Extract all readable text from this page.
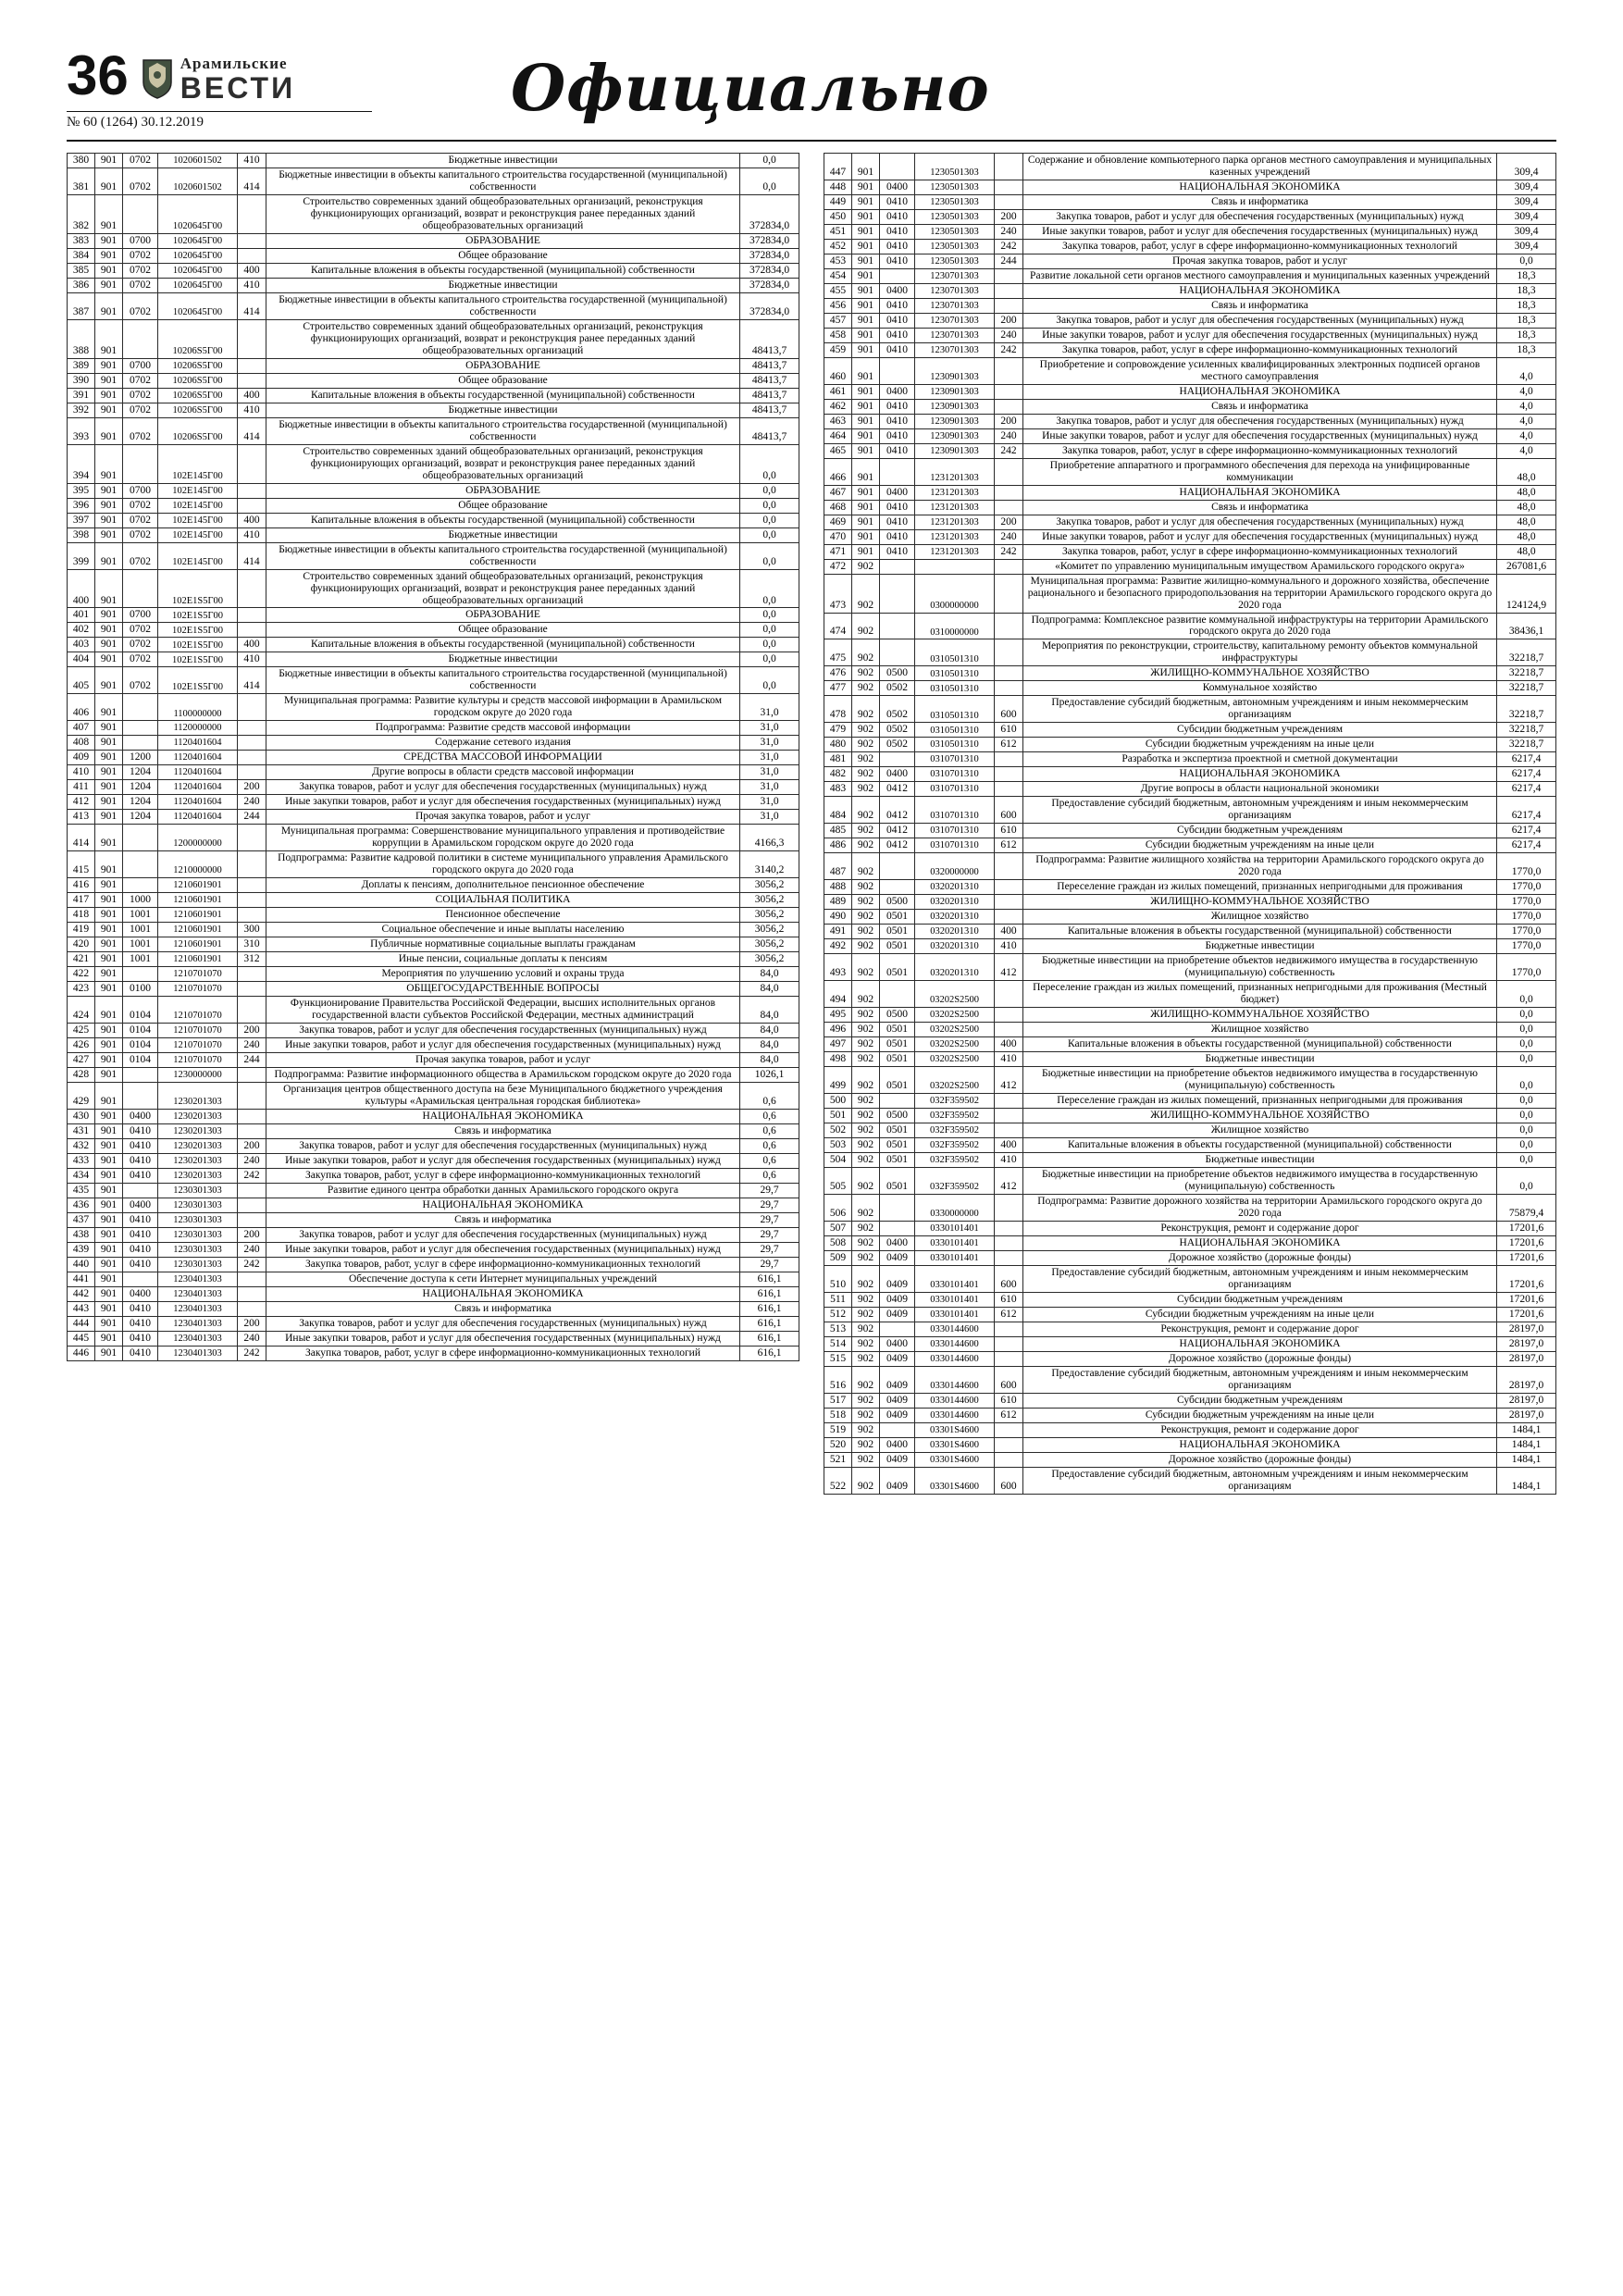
36	Арамильские
ВЕСТИ
№ 60 (1264) 30.12.2019	Официально
380	901	0702	1020601502	410	Бюджетные инвестиции	0,0
381	901	0702	1020601502	414	Бюджетные инвестиции в объекты капитального строительства государственной (муниципальной) собственности	0,0
382	901		1020645Г00		Строительство современных зданий общеобразовательных организаций, реконструкция функционирующих организаций, возврат и реконструкция ранее переданных зданий общеобразовательных организаций	372834,0
383	901	0700	1020645Г00		ОБРАЗОВАНИЕ	372834,0
384	901	0702	1020645Г00		Общее образование	372834,0
385	901	0702	1020645Г00	400	Капитальные вложения в объекты государственной (муниципальной) собственности	372834,0
386	901	0702	1020645Г00	410	Бюджетные инвестиции	372834,0
387	901	0702	1020645Г00	414	Бюджетные инвестиции в объекты капитального строительства государственной (муниципальной) собственности	372834,0
388	901		10206S5Г00		Строительство современных зданий общеобразовательных организаций, реконструкция функционирующих организаций, возврат и реконструкция ранее переданных зданий общеобразовательных организаций	48413,7
389	901	0700	10206S5Г00		ОБРАЗОВАНИЕ	48413,7
390	901	0702	10206S5Г00		Общее образование	48413,7
391	901	0702	10206S5Г00	400	Капитальные вложения в объекты государственной (муниципальной) собственности	48413,7
392	901	0702	10206S5Г00	410	Бюджетные инвестиции	48413,7
393	901	0702	10206S5Г00	414	Бюджетные инвестиции в объекты капитального строительства государственной (муниципальной) собственности	48413,7
394	901		102E145Г00		Строительство современных зданий общеобразовательных организаций, реконструкция функционирующих организаций, возврат и реконструкция ранее переданных зданий общеобразовательных организаций	0,0
395	901	0700	102E145Г00		ОБРАЗОВАНИЕ	0,0
396	901	0702	102E145Г00		Общее образование	0,0
397	901	0702	102E145Г00	400	Капитальные вложения в объекты государственной (муниципальной) собственности	0,0
398	901	0702	102E145Г00	410	Бюджетные инвестиции	0,0
399	901	0702	102E145Г00	414	Бюджетные инвестиции в объекты капитального строительства государственной (муниципальной) собственности	0,0
400	901		102E1S5Г00		Строительство современных зданий общеобразовательных организаций, реконструкция функционирующих организаций, возврат и реконструкция ранее переданных зданий общеобразовательных организаций	0,0
401	901	0700	102E1S5Г00		ОБРАЗОВАНИЕ	0,0
402	901	0702	102E1S5Г00		Общее образование	0,0
403	901	0702	102E1S5Г00	400	Капитальные вложения в объекты государственной (муниципальной) собственности	0,0
404	901	0702	102E1S5Г00	410	Бюджетные инвестиции	0,0
405	901	0702	102E1S5Г00	414	Бюджетные инвестиции в объекты капитального строительства государственной (муниципальной) собственности	0,0
406	901		1100000000		Муниципальная программа: Развитие культуры и средств массовой информации в Арамильском городском округе до 2020 года	31,0
407	901		1120000000		Подпрограмма: Развитие средств массовой информации	31,0
408	901		1120401604		Содержание сетевого издания	31,0
409	901	1200	1120401604		СРЕДСТВА МАССОВОЙ ИНФОРМАЦИИ	31,0
410	901	1204	1120401604		Другие вопросы в области средств массовой информации	31,0
411	901	1204	1120401604	200	Закупка товаров, работ и услуг для обеспечения государственных (муниципальных) нужд	31,0
412	901	1204	1120401604	240	Иные закупки товаров, работ и услуг для обеспечения государственных (муниципальных) нужд	31,0
413	901	1204	1120401604	244	Прочая закупка товаров, работ и услуг	31,0
414	901		1200000000		Муниципальная программа: Совершенствование муниципального управления и противодействие коррупции в Арамильском городском округе до 2020 года	4166,3
415	901		1210000000		Подпрограмма: Развитие кадровой политики в системе муниципального управления Арамильского городского округа до 2020 года	3140,2
416	901		1210601901		Доплаты к пенсиям, дополнительное пенсионное обеспечение	3056,2
417	901	1000	1210601901		СОЦИАЛЬНАЯ ПОЛИТИКА	3056,2
418	901	1001	1210601901		Пенсионное обеспечение	3056,2
419	901	1001	1210601901	300	Социальное обеспечение и иные выплаты населению	3056,2
420	901	1001	1210601901	310	Публичные нормативные социальные выплаты гражданам	3056,2
421	901	1001	1210601901	312	Иные пенсии, социальные доплаты к пенсиям	3056,2
422	901		1210701070		Мероприятия по улучшению условий и охраны труда	84,0
423	901	0100	1210701070		ОБЩЕГОСУДАРСТВЕННЫЕ ВОПРОСЫ	84,0
424	901	0104	1210701070		Функционирование Правительства Российской Федерации, высших исполнительных органов государственной власти субъектов Российской Федерации, местных администраций	84,0
425	901	0104	1210701070	200	Закупка товаров, работ и услуг для обеспечения государственных (муниципальных) нужд	84,0
426	901	0104	1210701070	240	Иные закупки товаров, работ и услуг для обеспечения государственных (муниципальных) нужд	84,0
427	901	0104	1210701070	244	Прочая закупка товаров, работ и услуг	84,0
428	901		1230000000		Подпрограмма: Развитие информационного общества в Арамильском городском округе до 2020 года	1026,1
429	901		1230201303		Организация центров общественного доступа на безе Муниципального бюджетного учреждения культуры «Арамильская центральная городская библиотека»	0,6
430	901	0400	1230201303		НАЦИОНАЛЬНАЯ ЭКОНОМИКА	0,6
431	901	0410	1230201303		Связь и информатика	0,6
432	901	0410	1230201303	200	Закупка товаров, работ и услуг для обеспечения государственных (муниципальных) нужд	0,6
433	901	0410	1230201303	240	Иные закупки товаров, работ и услуг для обеспечения государственных (муниципальных) нужд	0,6
434	901	0410	1230201303	242	Закупка товаров, работ, услуг в сфере информационно-коммуникационных технологий	0,6
435	901		1230301303		Развитие единого центра обработки данных Арамильского городского округа	29,7
436	901	0400	1230301303		НАЦИОНАЛЬНАЯ ЭКОНОМИКА	29,7
437	901	0410	1230301303		Связь и информатика	29,7
438	901	0410	1230301303	200	Закупка товаров, работ и услуг для обеспечения государственных (муниципальных) нужд	29,7
439	901	0410	1230301303	240	Иные закупки товаров, работ и услуг для обеспечения государственных (муниципальных) нужд	29,7
440	901	0410	1230301303	242	Закупка товаров, работ, услуг в сфере информационно-коммуникационных технологий	29,7
441	901		1230401303		Обеспечение доступа к сети Интернет муниципальных учреждений	616,1
442	901	0400	1230401303		НАЦИОНАЛЬНАЯ ЭКОНОМИКА	616,1
443	901	0410	1230401303		Связь и информатика	616,1
444	901	0410	1230401303	200	Закупка товаров, работ и услуг для обеспечения государственных (муниципальных) нужд	616,1
445	901	0410	1230401303	240	Иные закупки товаров, работ и услуг для обеспечения государственных (муниципальных) нужд	616,1
446	901	0410	1230401303	242	Закупка товаров, работ, услуг в сфере информационно-коммуникационных технологий	616,1
447	901		1230501303		Содержание и обновление компьютерного парка органов местного самоуправления и муниципальных казенных учреждений	309,4
448	901	0400	1230501303		НАЦИОНАЛЬНАЯ ЭКОНОМИКА	309,4
449	901	0410	1230501303		Связь и информатика	309,4
450	901	0410	1230501303	200	Закупка товаров, работ и услуг для обеспечения государственных (муниципальных) нужд	309,4
451	901	0410	1230501303	240	Иные закупки товаров, работ и услуг для обеспечения государственных (муниципальных) нужд	309,4
452	901	0410	1230501303	242	Закупка товаров, работ, услуг в сфере информационно-коммуникационных технологий	309,4
453	901	0410	1230501303	244	Прочая закупка товаров, работ и услуг	0,0
454	901		1230701303		Развитие локальной сети органов местного самоуправления и муниципальных казенных учреждений	18,3
455	901	0400	1230701303		НАЦИОНАЛЬНАЯ ЭКОНОМИКА	18,3
456	901	0410	1230701303		Связь и информатика	18,3
457	901	0410	1230701303	200	Закупка товаров, работ и услуг для обеспечения государственных (муниципальных) нужд	18,3
458	901	0410	1230701303	240	Иные закупки товаров, работ и услуг для обеспечения государственных (муниципальных) нужд	18,3
459	901	0410	1230701303	242	Закупка товаров, работ, услуг в сфере информационно-коммуникационных технологий	18,3
460	901		1230901303		Приобретение и сопровождение усиленных квалифицированных электронных подписей органов местного самоуправления	4,0
461	901	0400	1230901303		НАЦИОНАЛЬНАЯ ЭКОНОМИКА	4,0
462	901	0410	1230901303		Связь и информатика	4,0
463	901	0410	1230901303	200	Закупка товаров, работ и услуг для обеспечения государственных (муниципальных) нужд	4,0
464	901	0410	1230901303	240	Иные закупки товаров, работ и услуг для обеспечения государственных (муниципальных) нужд	4,0
465	901	0410	1230901303	242	Закупка товаров, работ, услуг в сфере информационно-коммуникационных технологий	4,0
466	901		1231201303		Приобретение аппаратного и программного обеспечения для перехода на унифицированные коммуникации	48,0
467	901	0400	1231201303		НАЦИОНАЛЬНАЯ ЭКОНОМИКА	48,0
468	901	0410	1231201303		Связь и информатика	48,0
469	901	0410	1231201303	200	Закупка товаров, работ и услуг для обеспечения государственных (муниципальных) нужд	48,0
470	901	0410	1231201303	240	Иные закупки товаров, работ и услуг для обеспечения государственных (муниципальных) нужд	48,0
471	901	0410	1231201303	242	Закупка товаров, работ, услуг в сфере информационно-коммуникационных технологий	48,0
472	902				«Комитет по управлению муниципальным имуществом Арамильского городского округа»	267081,6
473	902		0300000000		Муниципальная программа: Развитие жилищно-коммунального и дорожного хозяйства, обеспечение рационального и безопасного природопользования на территории Арамильского городского округа до 2020 года	124124,9
474	902		0310000000		Подпрограмма: Комплексное развитие коммунальной инфраструктуры на территории Арамильского городского округа до 2020 года	38436,1
475	902		0310501310		Мероприятия по реконструкции, строительству, капитальному ремонту объектов коммунальной инфраструктуры	32218,7
476	902	0500	0310501310		ЖИЛИЩНО-КОММУНАЛЬНОЕ ХОЗЯЙСТВО	32218,7
477	902	0502	0310501310		Коммунальное хозяйство	32218,7
478	902	0502	0310501310	600	Предоставление субсидий бюджетным, автономным учреждениям и иным некоммерческим организациям	32218,7
479	902	0502	0310501310	610	Субсидии бюджетным учреждениям	32218,7
480	902	0502	0310501310	612	Субсидии бюджетным учреждениям на иные цели	32218,7
481	902		0310701310		Разработка и экспертиза проектной и сметной документации	6217,4
482	902	0400	0310701310		НАЦИОНАЛЬНАЯ ЭКОНОМИКА	6217,4
483	902	0412	0310701310		Другие вопросы в области национальной экономики	6217,4
484	902	0412	0310701310	600	Предоставление субсидий бюджетным, автономным учреждениям и иным некоммерческим организациям	6217,4
485	902	0412	0310701310	610	Субсидии бюджетным учреждениям	6217,4
486	902	0412	0310701310	612	Субсидии бюджетным учреждениям на иные цели	6217,4
487	902		0320000000		Подпрограмма: Развитие жилищного хозяйства на территории Арамильского городского округа до 2020 года	1770,0
488	902		0320201310		Переселение граждан из жилых помещений, признанных непригодными для проживания	1770,0
489	902	0500	0320201310		ЖИЛИЩНО-КОММУНАЛЬНОЕ ХОЗЯЙСТВО	1770,0
490	902	0501	0320201310		Жилищное хозяйство	1770,0
491	902	0501	0320201310	400	Капитальные вложения в объекты государственной (муниципальной) собственности	1770,0
492	902	0501	0320201310	410	Бюджетные инвестиции	1770,0
493	902	0501	0320201310	412	Бюджетные инвестиции на приобретение объектов недвижимого имущества в государственную (муниципальную) собственность	1770,0
494	902		03202S2500		Переселение граждан из жилых помещений, признанных непригодными для проживания (Местный бюджет)	0,0
495	902	0500	03202S2500		ЖИЛИЩНО-КОММУНАЛЬНОЕ ХОЗЯЙСТВО	0,0
496	902	0501	03202S2500		Жилищное хозяйство	0,0
497	902	0501	03202S2500	400	Капитальные вложения в объекты государственной (муниципальной) собственности	0,0
498	902	0501	03202S2500	410	Бюджетные инвестиции	0,0
499	902	0501	03202S2500	412	Бюджетные инвестиции на приобретение объектов недвижимого имущества в государственную (муниципальную) собственность	0,0
500	902		032F359502		Переселение граждан из жилых помещений, признанных непригодными для проживания	0,0
501	902	0500	032F359502		ЖИЛИЩНО-КОММУНАЛЬНОЕ ХОЗЯЙСТВО	0,0
502	902	0501	032F359502		Жилищное хозяйство	0,0
503	902	0501	032F359502	400	Капитальные вложения в объекты государственной (муниципальной) собственности	0,0
504	902	0501	032F359502	410	Бюджетные инвестиции	0,0
505	902	0501	032F359502	412	Бюджетные инвестиции на приобретение объектов недвижимого имущества в государственную (муниципальную) собственность	0,0
506	902		0330000000		Подпрограмма: Развитие дорожного хозяйства на территории Арамильского городского округа до 2020 года	75879,4
507	902		0330101401		Реконструкция, ремонт и содержание дорог	17201,6
508	902	0400	0330101401		НАЦИОНАЛЬНАЯ ЭКОНОМИКА	17201,6
509	902	0409	0330101401		Дорожное хозяйство (дорожные фонды)	17201,6
510	902	0409	0330101401	600	Предоставление субсидий бюджетным, автономным учреждениям и иным некоммерческим организациям	17201,6
511	902	0409	0330101401	610	Субсидии бюджетным учреждениям	17201,6
512	902	0409	0330101401	612	Субсидии бюджетным учреждениям на иные цели	17201,6
513	902		0330144600		Реконструкция, ремонт и содержание дорог	28197,0
514	902	0400	0330144600		НАЦИОНАЛЬНАЯ ЭКОНОМИКА	28197,0
515	902	0409	0330144600		Дорожное хозяйство (дорожные фонды)	28197,0
516	902	0409	0330144600	600	Предоставление субсидий бюджетным, автономным учреждениям и иным некоммерческим организациям	28197,0
517	902	0409	0330144600	610	Субсидии бюджетным учреждениям	28197,0
518	902	0409	0330144600	612	Субсидии бюджетным учреждениям на иные цели	28197,0
519	902		03301S4600		Реконструкция, ремонт и содержание дорог	1484,1
520	902	0400	03301S4600		НАЦИОНАЛЬНАЯ ЭКОНОМИКА	1484,1
521	902	0409	03301S4600		Дорожное хозяйство (дорожные фонды)	1484,1
522	902	0409	03301S4600	600	Предоставление субсидий бюджетным, автономным учреждениям и иным некоммерческим организациям	1484,1
